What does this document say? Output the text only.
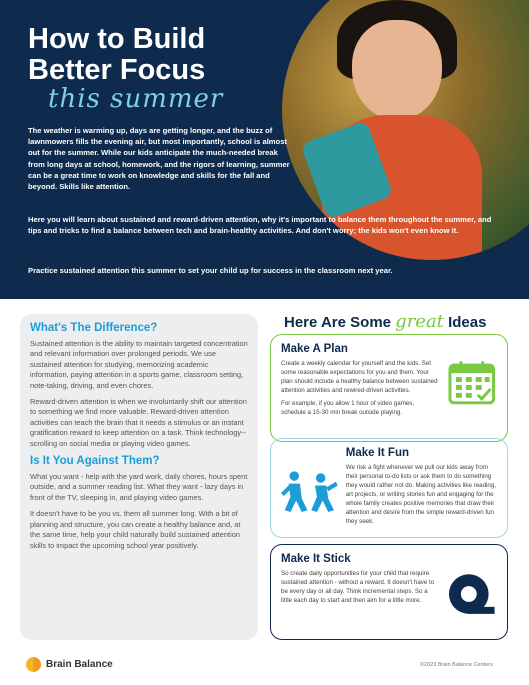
How to Build Better Focus
this summer

The weather is warming up, days are getting longer, and the buzz of lawnmowers fills the evening air, but most importantly, school is almost out for the summer. While our kids anticipate the much-needed break from long days at school, homework, and the rigors of learning, summer can be a great time to work on knowledge and skills for the fall and beyond. Skills like attention.

Here you will learn about sustained and reward-driven attention, why it's important to balance them throughout the summer, and tips and tricks to find a balance between tech and brain-healthy activities. And don't worry; the kids won't even know it.

Practice sustained attention this summer to set your child up for success in the classroom next year.

What's The Difference?

Sustained attention is the ability to maintain targeted concentration and relevant information over prolonged periods. We use sustained attention for studying, memorizing academic information, paying attention in a sports game, classroom setting, note-taking, driving, and even chores.

Reward-driven attention is when we involuntarily shift our attention to something we find more valuable. Reward-driven attention activities can teach the brain that it needs a stimulus or an instant gratification reward to keep attention on a task. Think technology--scrolling on social media or playing video games.

Is It You Against Them?

What you want - help with the yard work, daily chores, hours spent outside, and a summer reading list. What they want - lazy days in front of the TV, sleeping in, and playing video games.

It doesn't have to be you vs. them all summer long. With a bit of planning and structure, you can create a healthy balance and, at the same time, help your child naturally build sustained attention skills to impact the upcoming school year positively.

Here Are Some great Ideas
Make A Plan

Create a weekly calendar for yourself and the kids. Set some reasonable expectations for you and them. Your plan should include a healthy balance between sustained attention activities and rewired-driven activities.

For example, if you allow 1 hour of video games, schedule a 15-30 min break outside playing.

Make It Fun

We risk a fight whenever we pull our kids away from their personal to-do lists or ask them to do something they would rather not do. Making activities like reading, art projects, or writing stories fun and engaging for the whole family creates positive memories that draw their attention and desire from the simple reward-driven fun they seek.

Make It Stick

So create daily opportunities for your child that require sustained attention - without a reward. It doesn't have to be every day or all day. Think incremental steps. So a little each day to start and then aim for a little more.

Brain Balance	©2023 Brain Balance Centers
